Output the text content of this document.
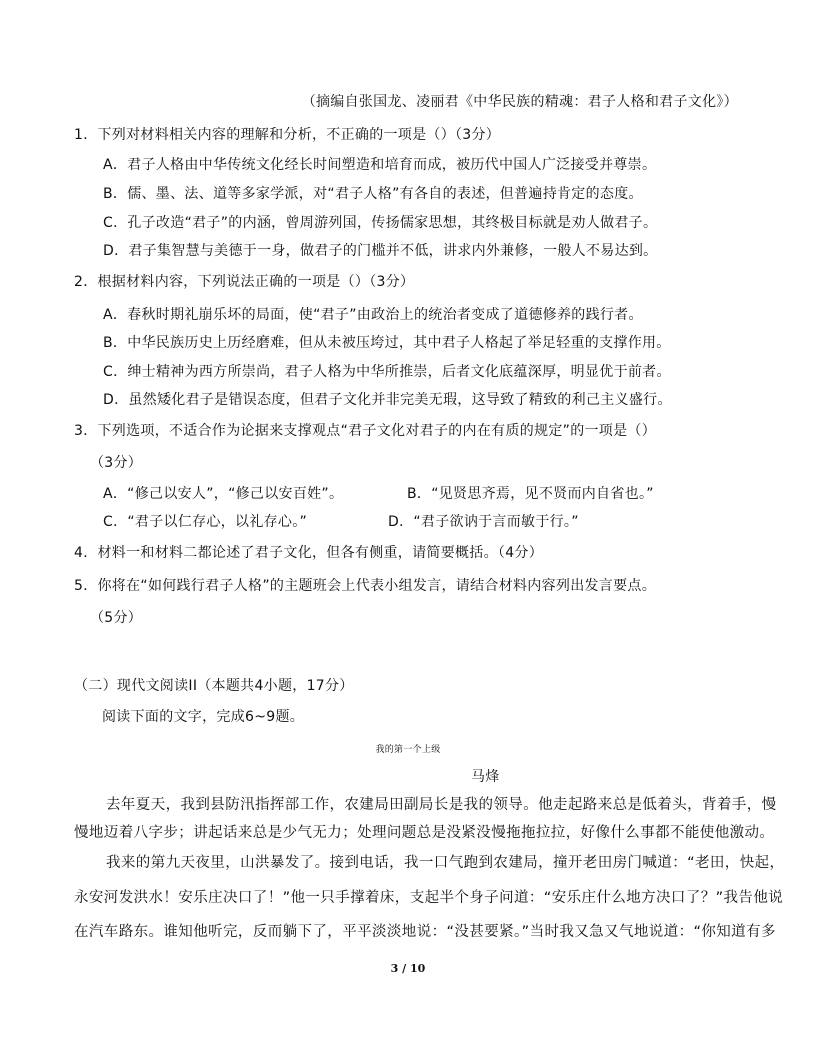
（摘编自张国龙、凌丽君《中华民族的精魂：君子人格和君子文化》）
1．下列对材料相关内容的理解和分析，不正确的一项是（）（3分）
A．君子人格由中华传统文化经长时间塑造和培育而成，被历代中国人广泛接受并尊崇。
B．儒、墨、法、道等多家学派，对“君子人格”有各自的表述，但普遍持肯定的态度。
C．孔子改造“君子”的内涵，曾周游列国，传扬儒家思想，其终极目标就是劝人做君子。
D．君子集智慧与美德于一身，做君子的门槛并不低，讲求内外兼修，一般人不易达到。
2．根据材料内容，下列说法正确的一项是（）（3分）
A．春秋时期礼崩乐坏的局面，使“君子”由政治上的统治者变成了道德修养的践行者。
B．中华民族历史上历经磨难，但从未被压垮过，其中君子人格起了举足轻重的支撑作用。
C．绅士精神为西方所崇尚，君子人格为中华所推崇，后者文化底蕴深厚，明显优于前者。
D．虽然矮化君子是错误态度，但君子文化并非完美无瑕，这导致了精致的利己主义盛行。
3．下列选项，不适合作为论据来支撑观点“君子文化对君子的内在有质的规定”的一项是（）
（3分）
A．“修己以安人”，“修己以安百姓”。	B．“见贤思齐焉，见不贤而内自省也。”
C．“君子以仁存心，以礼存心。”	D．“君子欲讷于言而敏于行。”
4．材料一和材料二都论述了君子文化，但各有侧重，请简要概括。（4分）
5．你将在“如何践行君子人格”的主题班会上代表小组发言，请结合材料内容列出发言要点。
（5分）
（二）现代文阅读II（本题共4小题，17分）
阅读下面的文字，完成6~9题。
我的第一个上级
马烽
去年夏天，我到县防汛指挥部工作，农建局田副局长是我的领导。他走起路来总是低着头，背着手，慢
慢地迈着八字步；讲起话来总是少气无力；处理问题总是没紧没慢拖拖拉拉，好像什么事都不能使他激动。
我来的第九天夜里，山洪暴发了。接到电话，我一口气跑到农建局，撞开老田房门喊道：“老田，快起，
永安河发洪水！安乐庄决口了！”他一只手撑着床，支起半个身子问道：“安乐庄什么地方决口了？”我告他说
在汽车路东。谁知他听完，反而躺下了，平平淡淡地说：“没甚要紧。”当时我又急又气地说道：“你知道有多
3 / 10
